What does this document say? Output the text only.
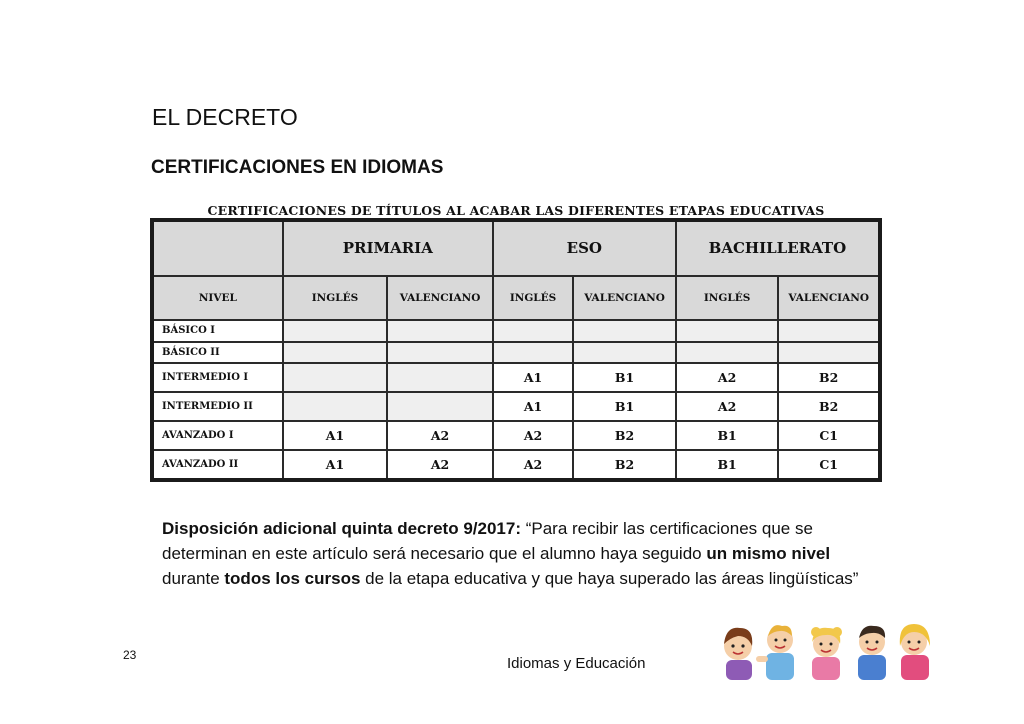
EL DECRETO
CERTIFICACIONES EN IDIOMAS
CERTIFICACIONES DE TÍTULOS AL ACABAR LAS DIFERENTES ETAPAS EDUCATIVAS
	PRIMARIA		ESO		BACHILLERATO	
NIVEL	INGLÉS	VALENCIANO	INGLÉS	VALENCIANO	INGLÉS	VALENCIANO
BÁSICO I						
BÁSICO II						
INTERMEDIO I			A1	B1	A2	B2
INTERMEDIO II			A1	B1	A2	B2
AVANZADO I	A1	A2	A2	B2	B1	C1
AVANZADO II	A1	A2	A2	B2	B1	C1
Disposición adicional quinta decreto 9/2017: “Para recibir las certificaciones que se determinan en este artículo será necesario que el alumno haya seguido un mismo nivel durante todos los cursos de la etapa educativa y que haya superado las áreas lingüísticas”
23	Idiomas y Educación
